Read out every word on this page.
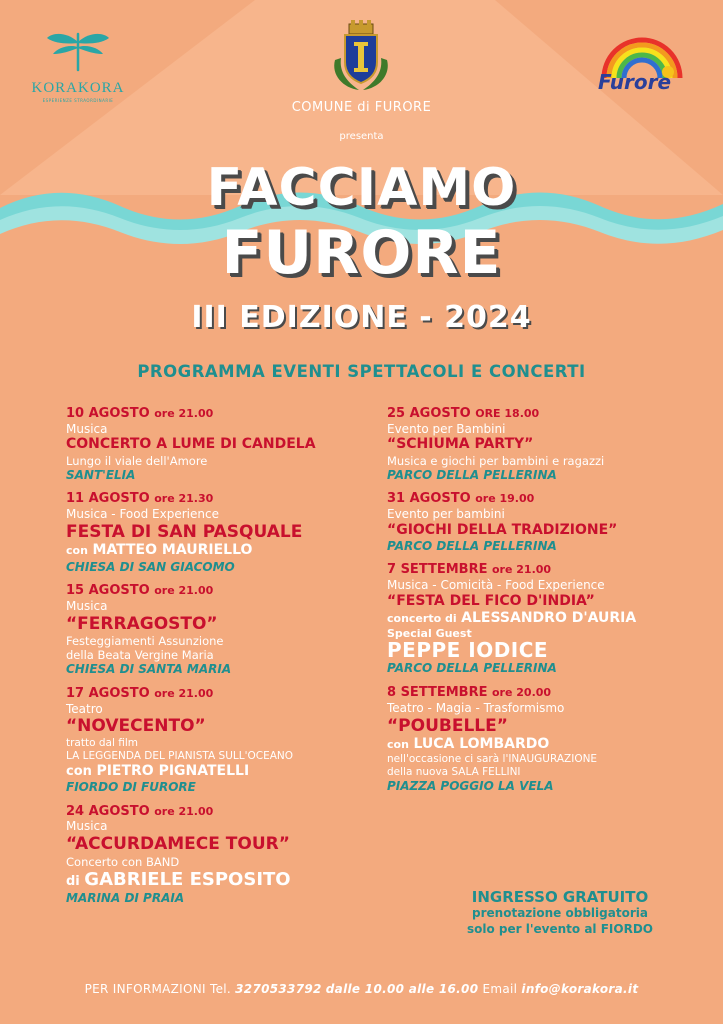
KORAKORA
ESPERIENZE STRAORDINARIE	COMUNE di FURORE
presenta
Furore
FACCIAMO
FURORE
III EDIZIONE - 2024
PROGRAMMA EVENTI SPETTACOLI E CONCERTI
10 AGOSTO ore 21.00
Musica
CONCERTO A LUME DI CANDELA
Lungo il viale dell'Amore
SANT'ELIA
11 AGOSTO ore 21.30
Musica - Food Experience
FESTA DI SAN PASQUALE
con MATTEO MAURIELLO
CHIESA DI SAN GIACOMO
15 AGOSTO ore 21.00
Musica
“FERRAGOSTO”
Festeggiamenti Assunzione
della Beata Vergine Maria
CHIESA DI SANTA MARIA
17 AGOSTO ore 21.00
Teatro
“NOVECENTO”
tratto dal film
LA LEGGENDA DEL PIANISTA SULL'OCEANO
con PIETRO PIGNATELLI
FIORDO DI FURORE
24 AGOSTO ore 21.00
Musica
“ACCURDAMECE TOUR”
Concerto con BAND
di GABRIELE ESPOSITO
MARINA DI PRAIA
25 AGOSTO ORE 18.00
Evento per Bambini
“SCHIUMA PARTY”
Musica e giochi per bambini e ragazzi
PARCO DELLA PELLERINA
31 AGOSTO ore 19.00
Evento per bambini
“GIOCHI DELLA TRADIZIONE”
PARCO DELLA PELLERINA
7 SETTEMBRE ore 21.00
Musica - Comicità - Food Experience
“FESTA DEL FICO D'INDIA”
concerto di ALESSANDRO D'AURIA
Special Guest
PEPPE IODICE
PARCO DELLA PELLERINA
8 SETTEMBRE ore 20.00
Teatro - Magia - Trasformismo
“POUBELLE”
con LUCA LOMBARDO
nell'occasione ci sarà l'INAUGURAZIONE
della nuova SALA FELLINI
PIAZZA POGGIO LA VELA
INGRESSO GRATUITO
prenotazione obbligatoria
solo per l'evento al FIORDO
PER INFORMAZIONI Tel. 3270533792 dalle 10.00 alle 16.00 Email info@korakora.it
